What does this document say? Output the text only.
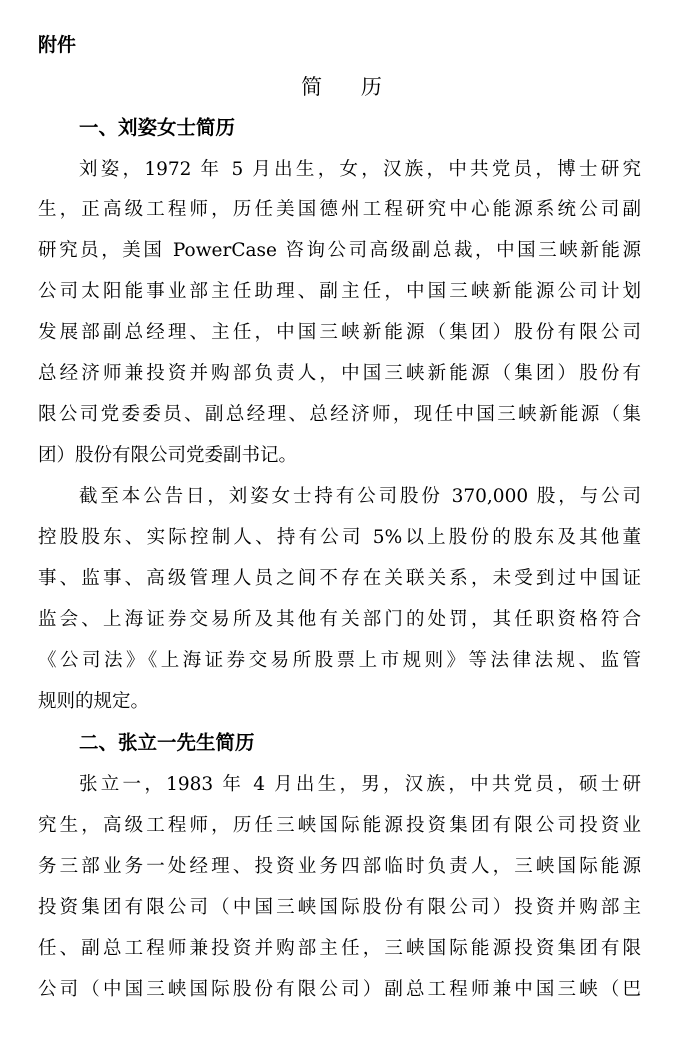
附件
简 历
一、刘姿女士简历
刘姿，1972 年 5 月出生，女，汉族，中共党员，博士研究
生，正高级工程师，历任美国德州工程研究中心能源系统公司副
研究员，美国 PowerCase 咨询公司高级副总裁，中国三峡新能源
公司太阳能事业部主任助理、副主任，中国三峡新能源公司计划
发展部副总经理、主任，中国三峡新能源（集团）股份有限公司
总经济师兼投资并购部负责人，中国三峡新能源（集团）股份有
限公司党委委员、副总经理、总经济师，现任中国三峡新能源（集
团）股份有限公司党委副书记。
截至本公告日，刘姿女士持有公司股份 370,000 股，与公司
控股股东、实际控制人、持有公司 5%以上股份的股东及其他董
事、监事、高级管理人员之间不存在关联关系，未受到过中国证
监会、上海证券交易所及其他有关部门的处罚，其任职资格符合
《公司法》《上海证券交易所股票上市规则》等法律法规、监管
规则的规定。
二、张立一先生简历
张立一，1983 年 4 月出生，男，汉族，中共党员，硕士研
究生，高级工程师，历任三峡国际能源投资集团有限公司投资业
务三部业务一处经理、投资业务四部临时负责人，三峡国际能源
投资集团有限公司（中国三峡国际股份有限公司）投资并购部主
任、副总工程师兼投资并购部主任，三峡国际能源投资集团有限
公司（中国三峡国际股份有限公司）副总工程师兼中国三峡（巴
